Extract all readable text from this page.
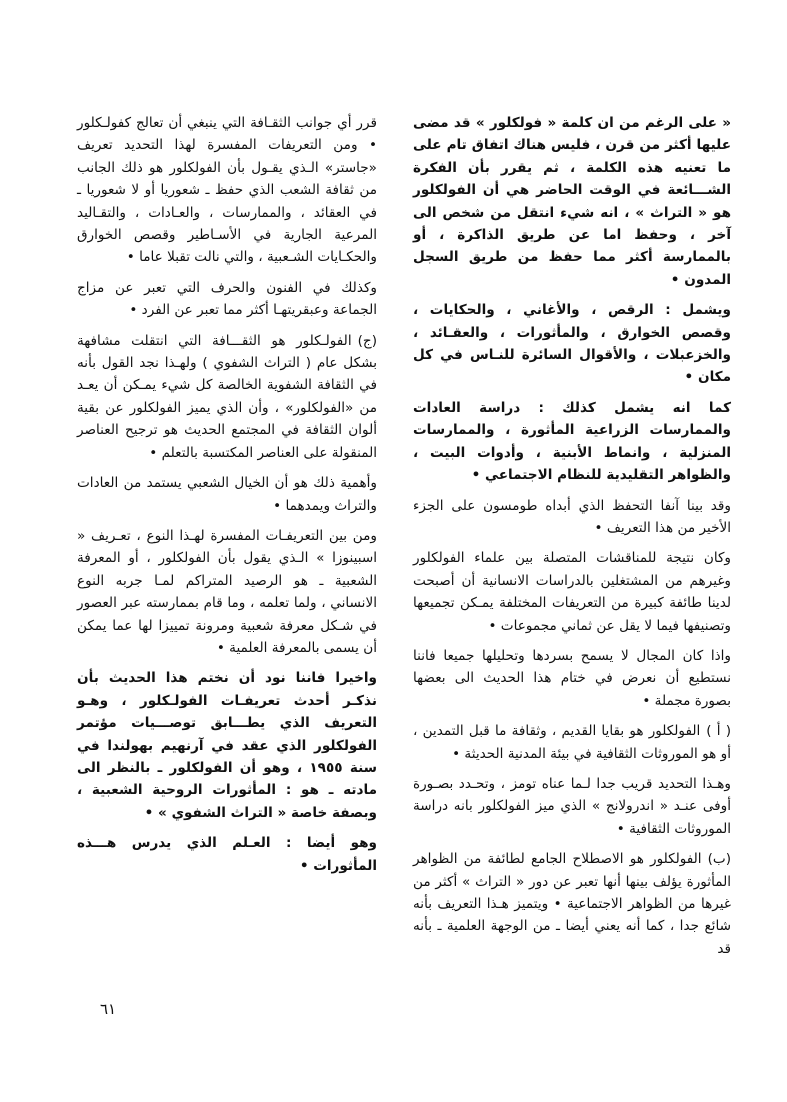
« على الرغم من ان كلمة « فولكلور » قد مضى عليها أكثر من قرن ، فليس هناك اتفاق تام على ما تعنيه هذه الكلمة ، ثم يقرر بأن الفكرة الشـــائعة في الوقت الحاضر هي أن الفولكلور هو « التراث » ، انه شيء انتقل من شخص الى آخر ، وحفظ اما عن طريق الذاكرة ، أو بالممارسة أكثر مما حفظ من طريق السجل المدون •

ويشمل : الرقص ، والأغاني ، والحكايات ، وقصص الخوارق ، والمأثورات ، والعقـائد ، والخزعبلات ، والأقوال السائرة للنـاس في كل مكان •

كما انه يشمل كذلك : دراسة العادات والممارسات الزراعية المأثورة ، والممارسات المنزلية ، وانماط الأبنية ، وأدوات البيت ، والظواهر التقليدية للنظام الاجتماعي •

وقد بينا آنفا التحفظ الذي أبداه طومسون على الجزء الأخير من هذا التعريف •

وكان نتيجة للمناقشات المتصلة بين علماء الفولكلور وغيرهم من المشتغلين بالدراسات الانسانية أن أصبحت لدينا طائفة كبيرة من التعريفات المختلفة يمـكن تجميعها وتصنيفها فيما لا يقل عن ثماني مجموعات •

واذا كان المجال لا يسمح بسردها وتحليلها جميعا فاننا نستطيع أن نعرض في ختام هذا الحديث الى بعضها بصورة مجملة •

( أ )الفولكلور هو بقايا القديم ، وثقافة ما قبل التمدين ، أو هو الموروثات الثقافية في بيئة المدنية الحديثة •

وهـذا التحديد قريب جدا لـما عناه تومز ، وتحـدد بصـورة أوفى عنـد « اندرولانج » الذي ميز الفولكلور بانه دراسة الموروثات الثقافية •

(ب)الفولكلور هو الاصطلاح الجامع لطائفة من الظواهر المأثورة يؤلف بينها أنها تعبر عن دور « التراث » أكثر من غيرها من الظواهر الاجتماعية • ويتميز هـذا التعريف بأنه شائع جدا ، كما أنه يعني أيضا ـ من الوجهة العلمية ـ بأنه قد

قرر أي جوانب الثقـافة التي ينبغي أن تعالج كفولـكلور • ومن التعريفات المفسرة لهذا التحديد تعريف «جاستر» الـذي يقـول بأن الفولكلور هو ذلك الجانب من ثقافة الشعب الذي حفظ ـ شعوريا أو لا شعوريا ـ في العقائد ، والممارسات ، والعـادات ، والتقـاليد المرعية الجارية في الأسـاطير وقصص الخوارق والحكـايات الشـعبية ، والتي نالت تقبلا عاما •

وكذلك في الفنون والحرف التي تعبر عن مزاج الجماعة وعبقريتهـا أكثر مما تعبر عن الفرد •

(ج)الفولـكلور هو الثقـــافة التي انتقلت مشافهة بشكل عام ( التراث الشفوي ) ولهـذا نجد القول بأنه في الثقافة الشفوية الخالصة كل شيء يمـكن أن يعـد من «الفولكلور» ، وأن الذي يميز الفولكلور عن بقية ألوان الثقافة في المجتمع الحديث هو ترجيح العناصر المنقولة على العناصر المكتسبة بالتعلم •

وأهمية ذلك هو أن الخيال الشعبي يستمد من العادات والتراث ويمدهما •

ومن بين التعريفـات المفسرة لهـذا النوع ، تعـريف « اسبينوزا » الـذي يقول بأن الفولكلور ، أو المعرفة الشعبية ـ هو الرصيد المتراكم لمـا جربه النوع الانساني ، ولما تعلمه ، وما قام بممارسته عبر العصور في شـكل معرفة شعبية ومرونة تمييزا لها عما يمكن أن يسمى بالمعرفة العلمية •

واخيرا فاننا نود أن نختم هذا الحديث بأن نذكـر أحدث تعريفـات الفولـكلور ، وهـو التعريف الذي يطـــابق توصـــيات مؤتمر الفولكلور الذي عقد في آرنهيم بهولندا في سنة ١٩٥٥ ، وهو أن الفولكلور ـ بالنظر الى مادته ـ هو : المأثورات الروحية الشعبية ، وبصفة خاصة « التراث الشفوي » •

وهو أيضا : العـلم الذي يدرس هـــذه المأثورات •

٦١
